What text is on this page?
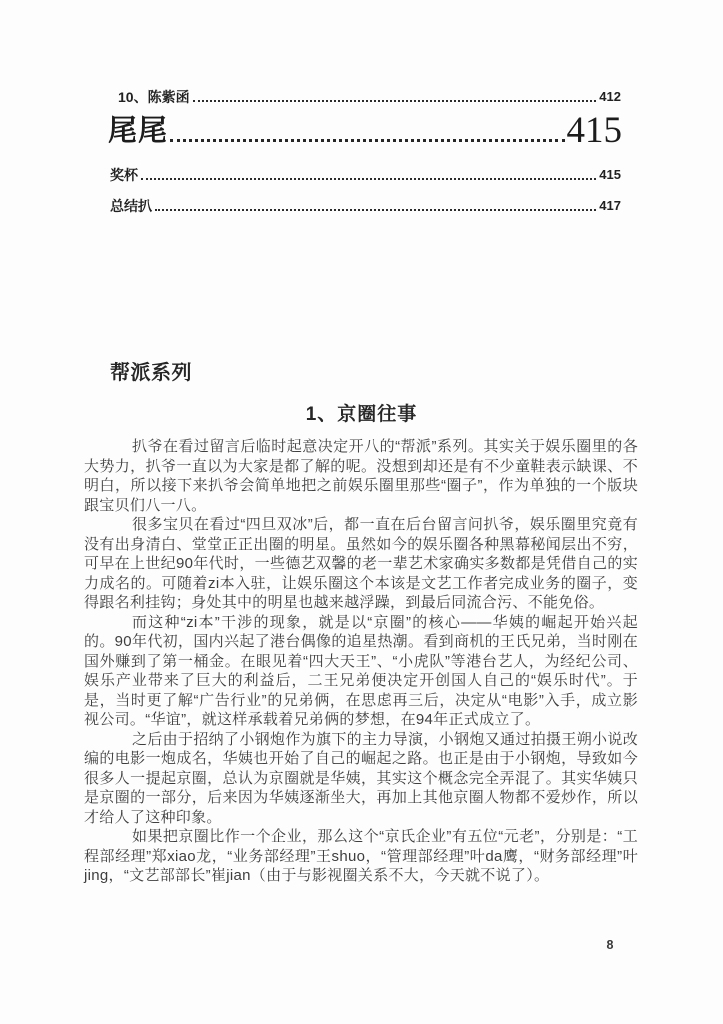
10、陈紫函	412
尾尾	415
奖杯	415
总结扒	417
帮派系列
1、京圈往事

扒爷在看过留言后临时起意决定开八的“帮派”系列。其实关于娱乐圈里的各大势力，扒爷一直以为大家是都了解的呢。没想到却还是有不少童鞋表示缺课、不明白，所以接下来扒爷会简单地把之前娱乐圈里那些“圈子”，作为单独的一个版块跟宝贝们八一八。

很多宝贝在看过“四旦双冰”后，都一直在后台留言问扒爷，娱乐圈里究竟有没有出身清白、堂堂正正出圈的明星。虽然如今的娱乐圈各种黑幕秘闻层出不穷，可早在上世纪90年代时，一些德艺双馨的老一辈艺术家确实多数都是凭借自己的实力成名的。可随着zi本入驻，让娱乐圈这个本该是文艺工作者完成业务的圈子，变得跟名利挂钩；身处其中的明星也越来越浮躁，到最后同流合污、不能免俗。

而这种“zi本”干涉的现象，就是以“京圈”的核心——华姨的崛起开始兴起的。90年代初，国内兴起了港台偶像的追星热潮。看到商机的王氏兄弟，当时刚在国外赚到了第一桶金。在眼见着“四大天王”、“小虎队”等港台艺人，为经纪公司、娱乐产业带来了巨大的利益后，二王兄弟便决定开创国人自己的“娱乐时代”。于是，当时更了解“广告行业”的兄弟俩，在思虑再三后，决定从“电影”入手，成立影视公司。“华谊”，就这样承载着兄弟俩的梦想，在94年正式成立了。

之后由于招纳了小钢炮作为旗下的主力导演，小钢炮又通过拍摄王朔小说改编的电影一炮成名，华姨也开始了自己的崛起之路。也正是由于小钢炮，导致如今很多人一提起京圈，总认为京圈就是华姨，其实这个概念完全弄混了。其实华姨只是京圈的一部分，后来因为华姨逐渐坐大，再加上其他京圈人物都不爱炒作，所以才给人了这种印象。

如果把京圈比作一个企业，那么这个“京氏企业”有五位“元老”，分别是：“工程部经理”郑xiao龙，“业务部经理”王shuo，“管理部经理”叶da鹰，“财务部经理”叶jing，“文艺部部长”崔jian（由于与影视圈关系不大，今天就不说了）。

8
